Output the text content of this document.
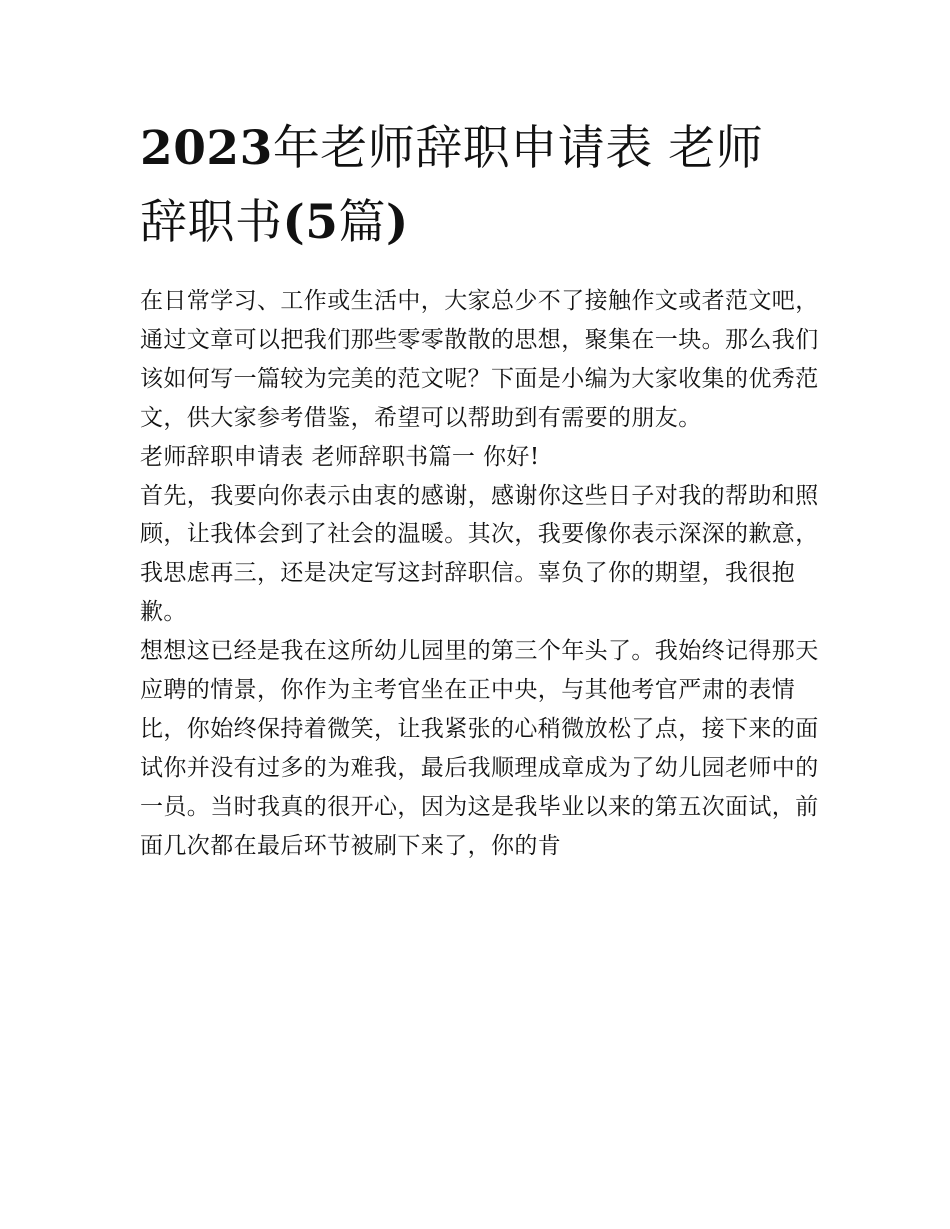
2023年老师辞职申请表 老师
辞职书(5篇)

在日常学习、工作或生活中，大家总少不了接触作文或者范文吧，通过文章可以把我们那些零零散散的思想，聚集在一块。那么我们该如何写一篇较为完美的范文呢？下面是小编为大家收集的优秀范文，供大家参考借鉴，希望可以帮助到有需要的朋友。

老师辞职申请表 老师辞职书篇一 你好!

首先，我要向你表示由衷的感谢，感谢你这些日子对我的帮助和照顾，让我体会到了社会的温暖。其次，我要像你表示深深的歉意，我思虑再三，还是决定写这封辞职信。辜负了你的期望，我很抱歉。

想想这已经是我在这所幼儿园里的第三个年头了。我始终记得那天应聘的情景，你作为主考官坐在正中央，与其他考官严肃的表情比，你始终保持着微笑，让我紧张的心稍微放松了点，接下来的面试你并没有过多的为难我，最后我顺理成章成为了幼儿园老师中的一员。当时我真的很开心，因为这是我毕业以来的第五次面试，前面几次都在最后环节被刷下来了，你的肯
